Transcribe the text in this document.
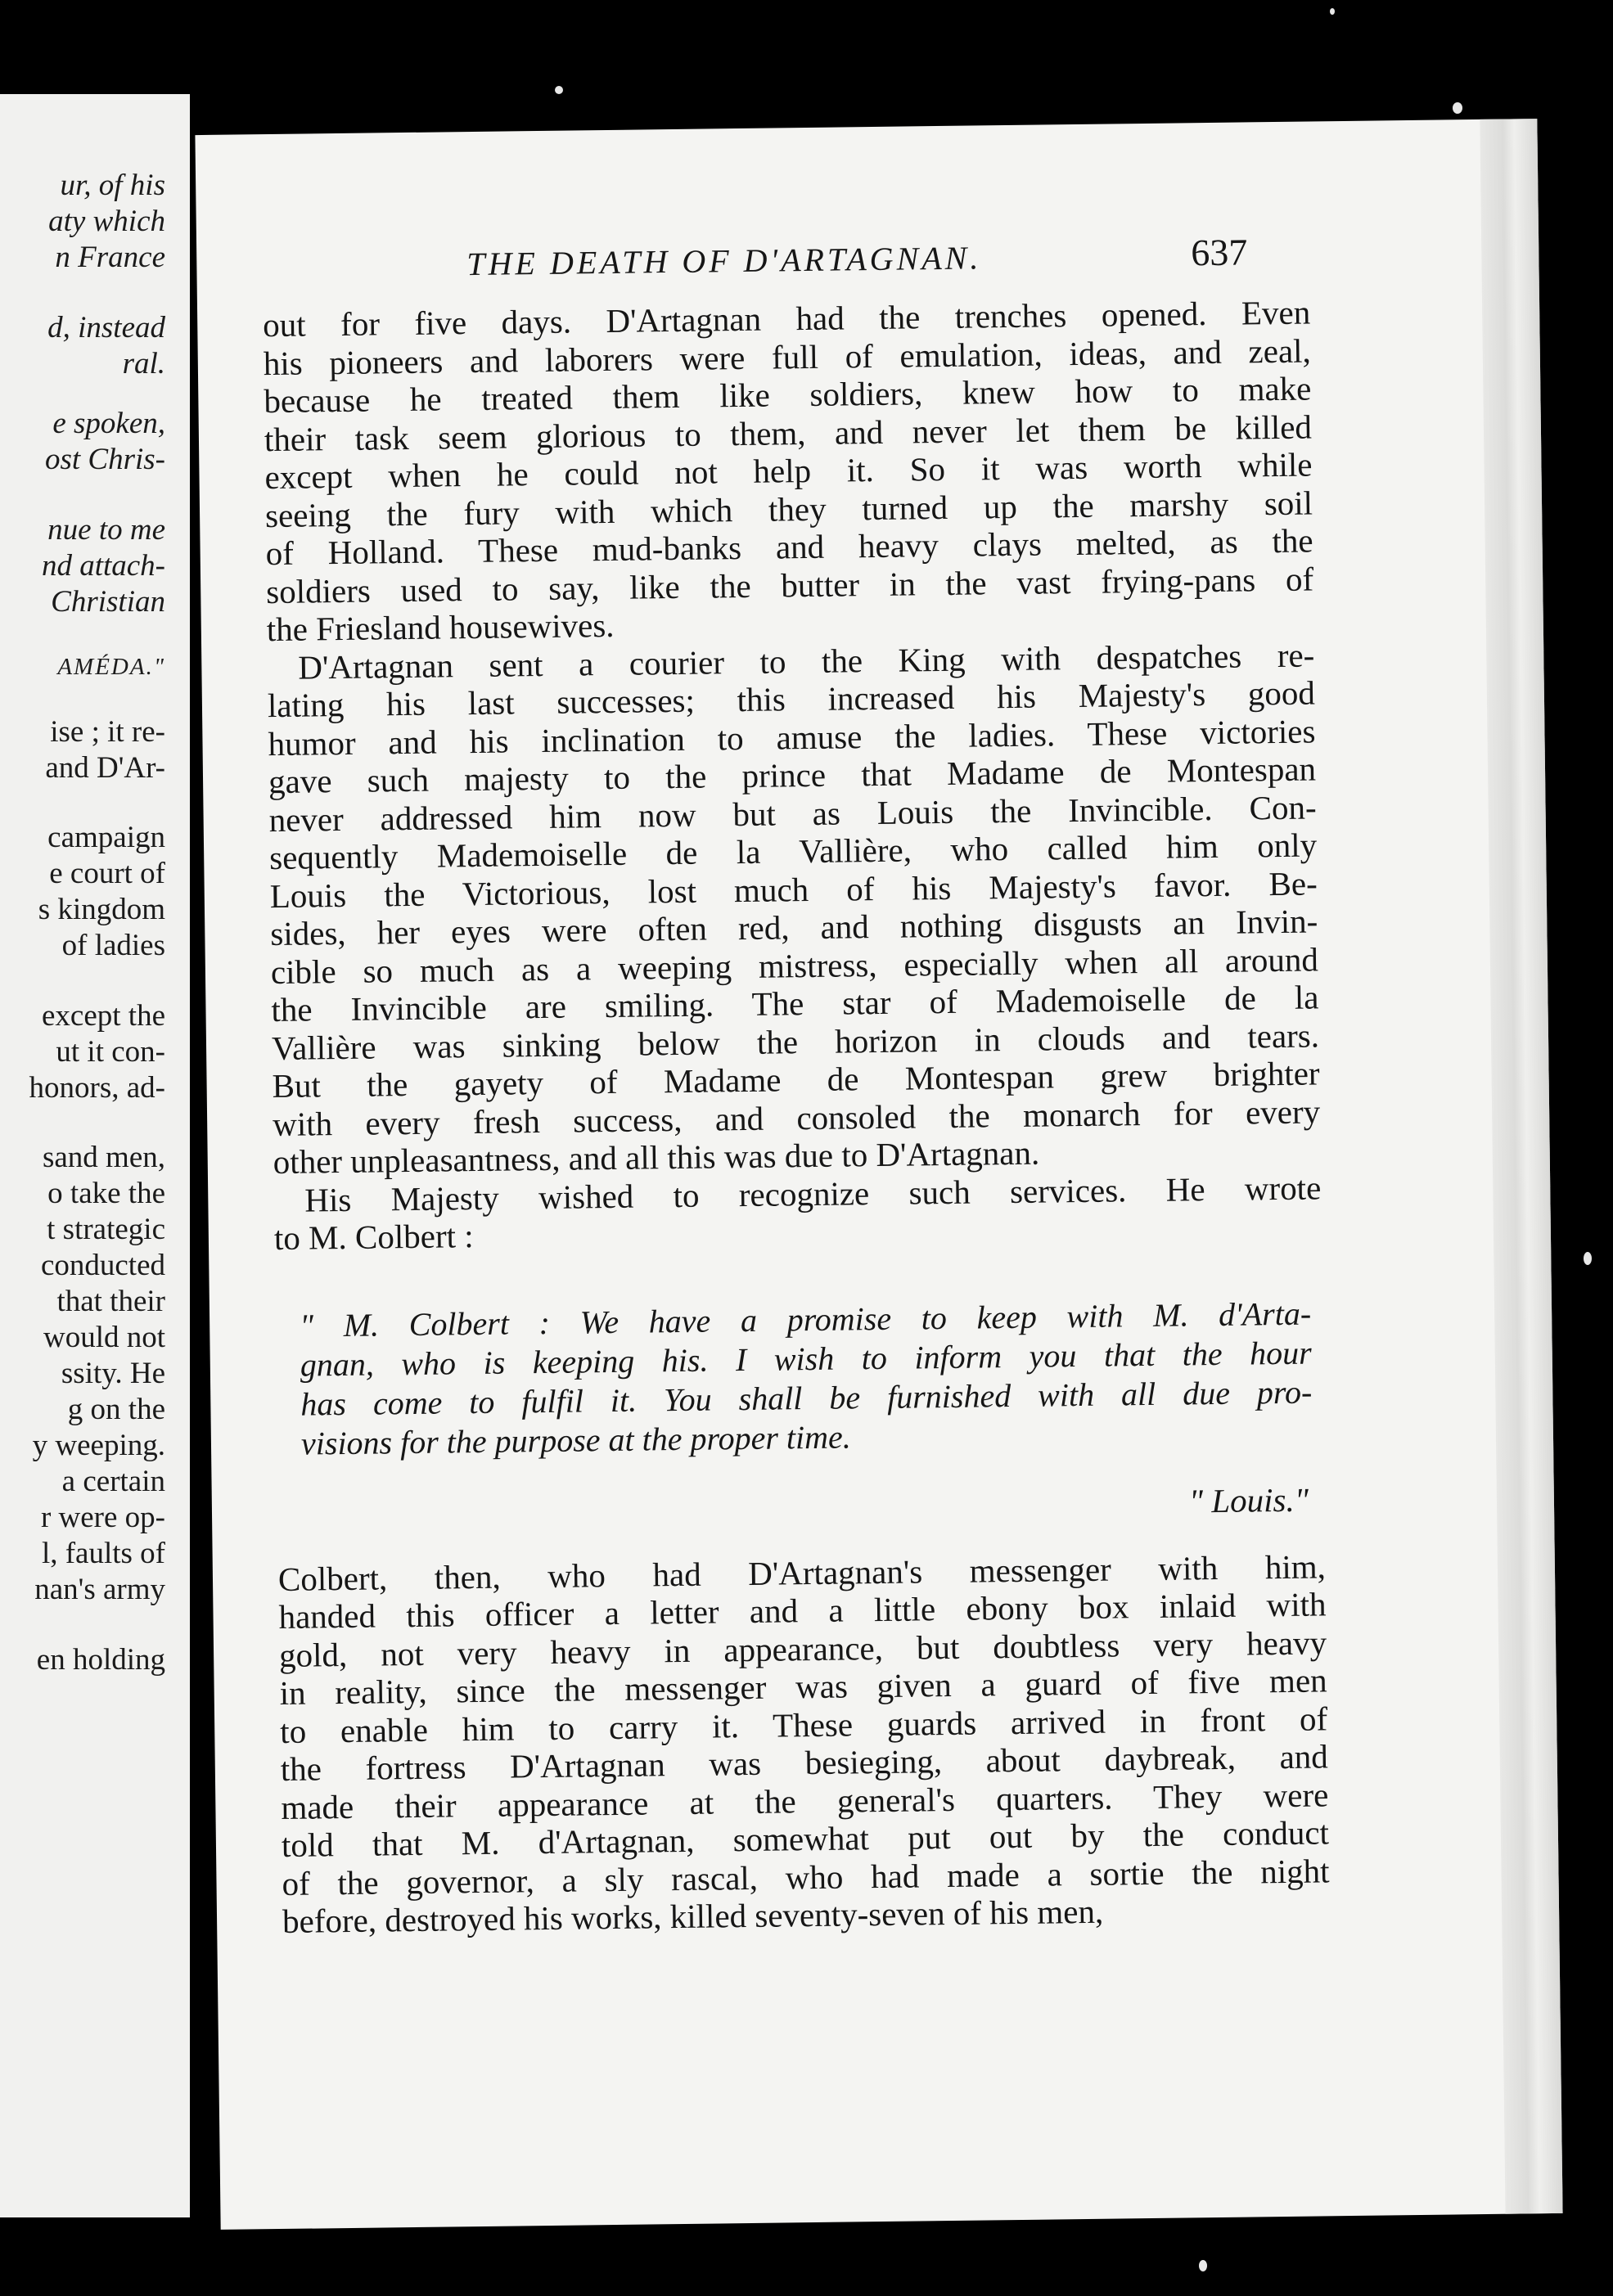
ur, of his
aty which
n France
d, instead
ral.
e spoken,
ost Chris-
nue to me
nd attach-
Christian
AMÉDA."
ise ; it re-
and D'Ar-
campaign
e court of
s kingdom
of ladies
except the
ut it con-
honors, ad-
sand men,
o take the
t strategic
conducted
that their
would not
ssity. He
g on the
y weeping.
a certain
r were op-
l, faults of
nan's army
en holding
THE DEATH OF D'ARTAGNAN.	637
out for five days. D'Artagnan had the trenches opened. Even
his pioneers and laborers were full of emulation, ideas, and zeal,
because he treated them like soldiers, knew how to make
their task seem glorious to them, and never let them be killed
except when he could not help it. So it was worth while
seeing the fury with which they turned up the marshy soil
of Holland. These mud-banks and heavy clays melted, as the
soldiers used to say, like the butter in the vast frying-pans of
the Friesland housewives.
D'Artagnan sent a courier to the King with despatches re-
lating his last successes; this increased his Majesty's good
humor and his inclination to amuse the ladies. These victories
gave such majesty to the prince that Madame de Montespan
never addressed him now but as Louis the Invincible. Con-
sequently Mademoiselle de la Vallière, who called him only
Louis the Victorious, lost much of his Majesty's favor. Be-
sides, her eyes were often red, and nothing disgusts an Invin-
cible so much as a weeping mistress, especially when all around
the Invincible are smiling. The star of Mademoiselle de la
Vallière was sinking below the horizon in clouds and tears.
But the gayety of Madame de Montespan grew brighter
with every fresh success, and consoled the monarch for every
other unpleasantness, and all this was due to D'Artagnan.
His Majesty wished to recognize such services. He wrote
to M. Colbert :
" M. Colbert : We have a promise to keep with M. d'Arta-
gnan, who is keeping his. I wish to inform you that the hour
has come to fulfil it. You shall be furnished with all due pro-
visions for the purpose at the proper time.
" Louis."
Colbert, then, who had D'Artagnan's messenger with him,
handed this officer a letter and a little ebony box inlaid with
gold, not very heavy in appearance, but doubtless very heavy
in reality, since the messenger was given a guard of five men
to enable him to carry it. These guards arrived in front of
the fortress D'Artagnan was besieging, about daybreak, and
made their appearance at the general's quarters. They were
told that M. d'Artagnan, somewhat put out by the conduct
of the governor, a sly rascal, who had made a sortie the night
before, destroyed his works, killed seventy-seven of his men,
